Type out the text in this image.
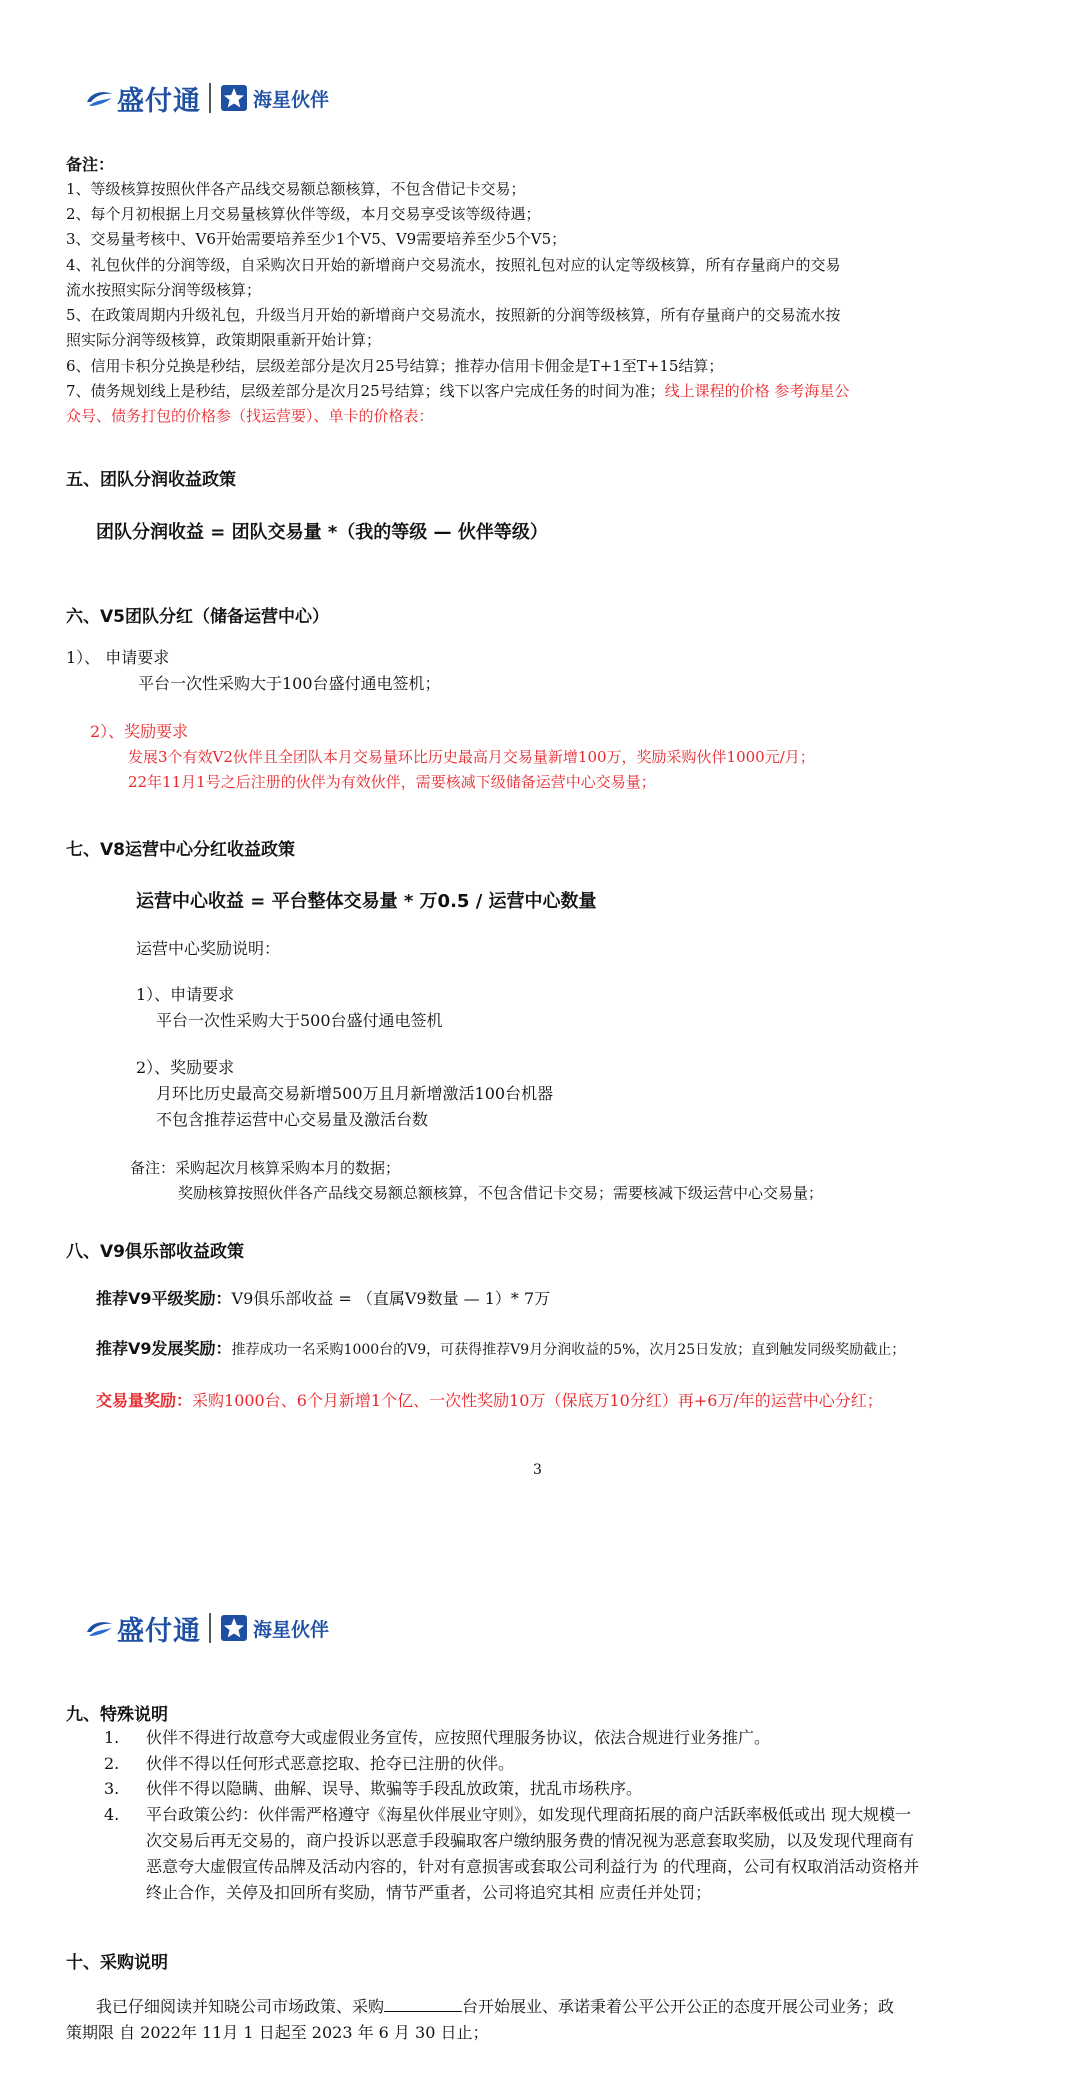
盛付通	海星伙伴
备注：
1、等级核算按照伙伴各产品线交易额总额核算，不包含借记卡交易；
2、每个月初根据上月交易量核算伙伴等级，本月交易享受该等级待遇；
3、交易量考核中、V6开始需要培养至少1个V5、V9需要培养至少5个V5；
4、礼包伙伴的分润等级，自采购次日开始的新增商户交易流水，按照礼包对应的认定等级核算，所有存量商户的交易
流水按照实际分润等级核算；
5、在政策周期内升级礼包，升级当月开始的新增商户交易流水，按照新的分润等级核算，所有存量商户的交易流水按
照实际分润等级核算，政策期限重新开始计算；
6、信用卡积分兑换是秒结，层级差部分是次月25号结算；推荐办信用卡佣金是T+1至T+15结算；
7、债务规划线上是秒结，层级差部分是次月25号结算；线下以客户完成任务的时间为准；线上课程的价格 参考海星公
众号、债务打包的价格参（找运营要）、单卡的价格表：
五、团队分润收益政策
团队分润收益 = 团队交易量 *（我的等级 — 伙伴等级）
六、V5团队分红（储备运营中心）
1）、 申请要求
平台一次性采购大于100台盛付通电签机；
2）、奖励要求
发展3个有效V2伙伴且全团队本月交易量环比历史最高月交易量新增100万，奖励采购伙伴1000元/月；
22年11月1号之后注册的伙伴为有效伙伴，需要核减下级储备运营中心交易量；
七、V8运营中心分红收益政策
运营中心收益 = 平台整体交易量 * 万0.5 / 运营中心数量
运营中心奖励说明：
1）、申请要求
平台一次性采购大于500台盛付通电签机
2）、奖励要求
月环比历史最高交易新增500万且月新增激活100台机器
不包含推荐运营中心交易量及激活台数
备注：采购起次月核算采购本月的数据；
奖励核算按照伙伴各产品线交易额总额核算，不包含借记卡交易；需要核减下级运营中心交易量；
八、V9俱乐部收益政策
推荐V9平级奖励：V9俱乐部收益 = （直属V9数量 — 1）* 7万
推荐V9发展奖励：推荐成功一名采购1000台的V9，可获得推荐V9月分润收益的5%，次月25日发放；直到触发同级奖励截止；
交易量奖励：采购1000台、6个月新增1个亿、一次性奖励10万（保底万10分红）再+6万/年的运营中心分红；
3
盛付通	海星伙伴
九、特殊说明
1. 伙伴不得进行故意夸大或虚假业务宣传，应按照代理服务协议，依法合规进行业务推广。
2. 伙伴不得以任何形式恶意挖取、抢夺已注册的伙伴。
3. 伙伴不得以隐瞒、曲解、误导、欺骗等手段乱放政策，扰乱市场秩序。
4. 平台政策公约：伙伴需严格遵守《海星伙伴展业守则》，如发现代理商拓展的商户活跃率极低或出 现大规模一
次交易后再无交易的，商户投诉以恶意手段骗取客户缴纳服务费的情况视为恶意套取奖励，以及发现代理商有
恶意夸大虚假宣传品牌及活动内容的，针对有意损害或套取公司利益行为 的代理商，公司有权取消活动资格并
终止合作，关停及扣回所有奖励，情节严重者，公司将追究其相 应责任并处罚；
十、采购说明
我已仔细阅读并知晓公司市场政策、采购	台开始展业、承诺秉着公平公开公正的态度开展公司业务；政
策期限 自 2022年 11月 1 日起至 2023 年 6 月 30 日止；
